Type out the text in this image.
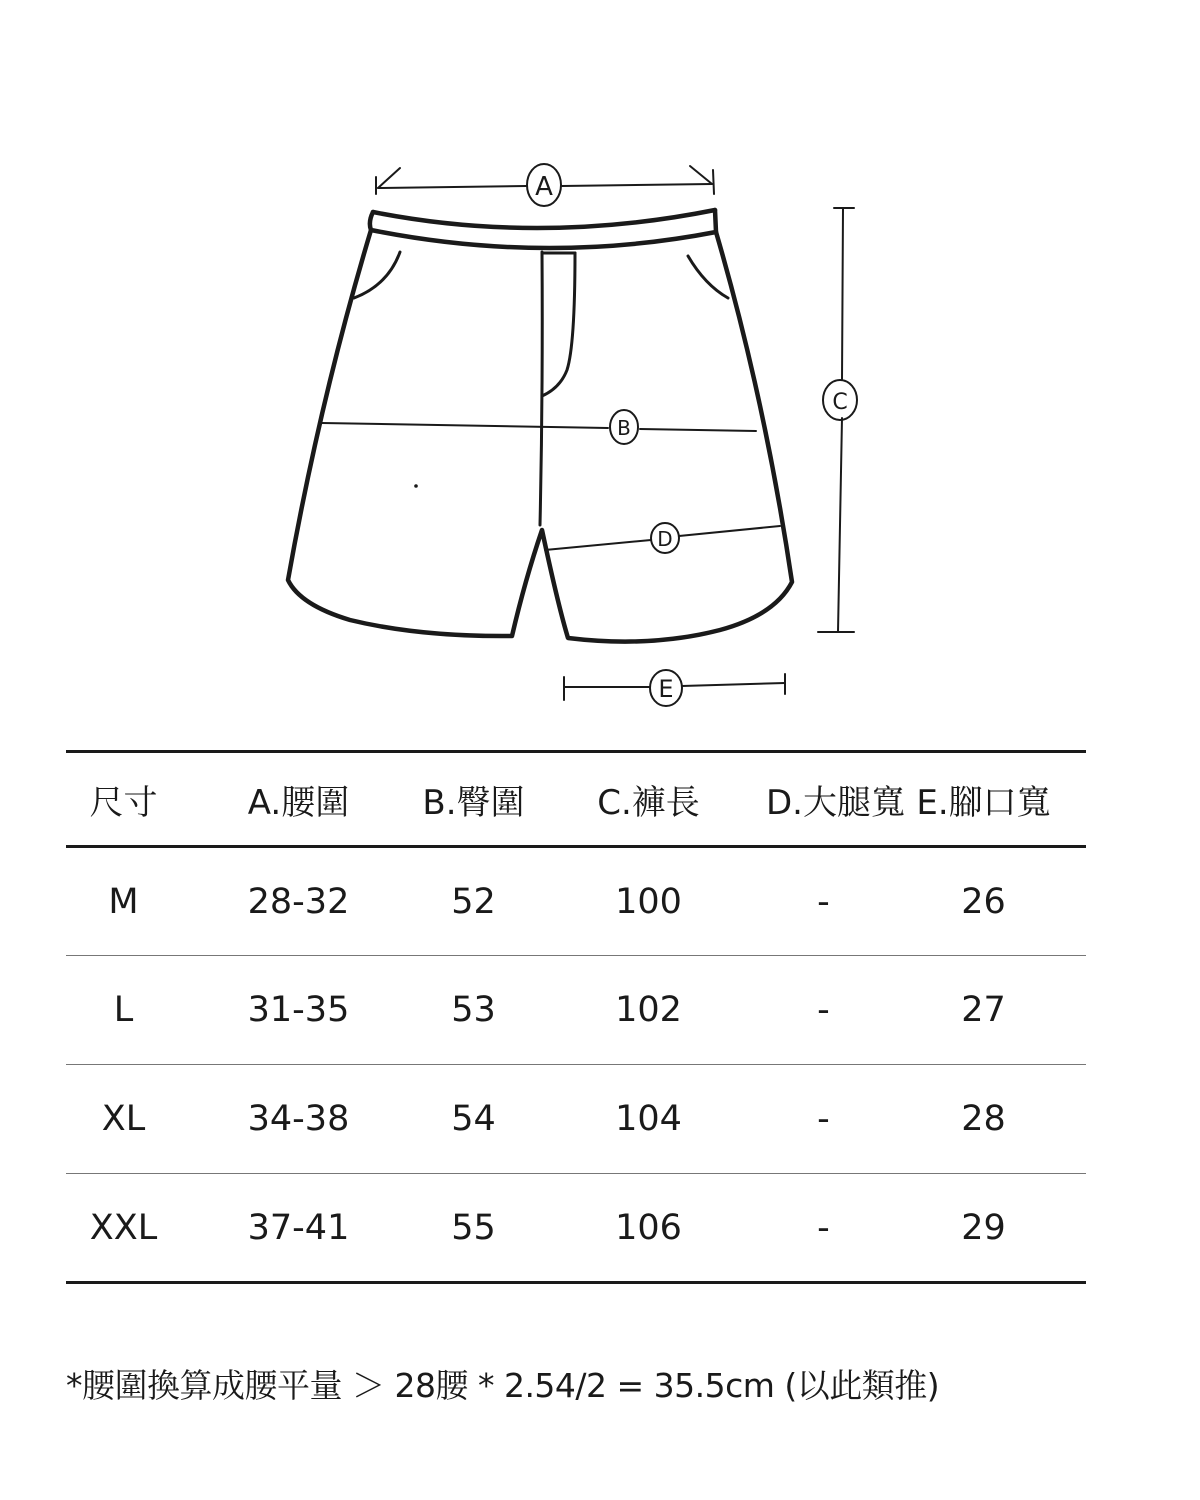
A
B
C
D
E
尺寸	A.腰圍	B.臀圍	C.褲長	D.大腿寬	E.腳口寬
M	28-32	52	100	-	26
L	31-35	53	102	-	27
XL	34-38	54	104	-	28
XXL	37-41	55	106	-	29
*腰圍換算成腰平量 ＞ 28腰 * 2.54/2 = 35.5cm (以此類推)
